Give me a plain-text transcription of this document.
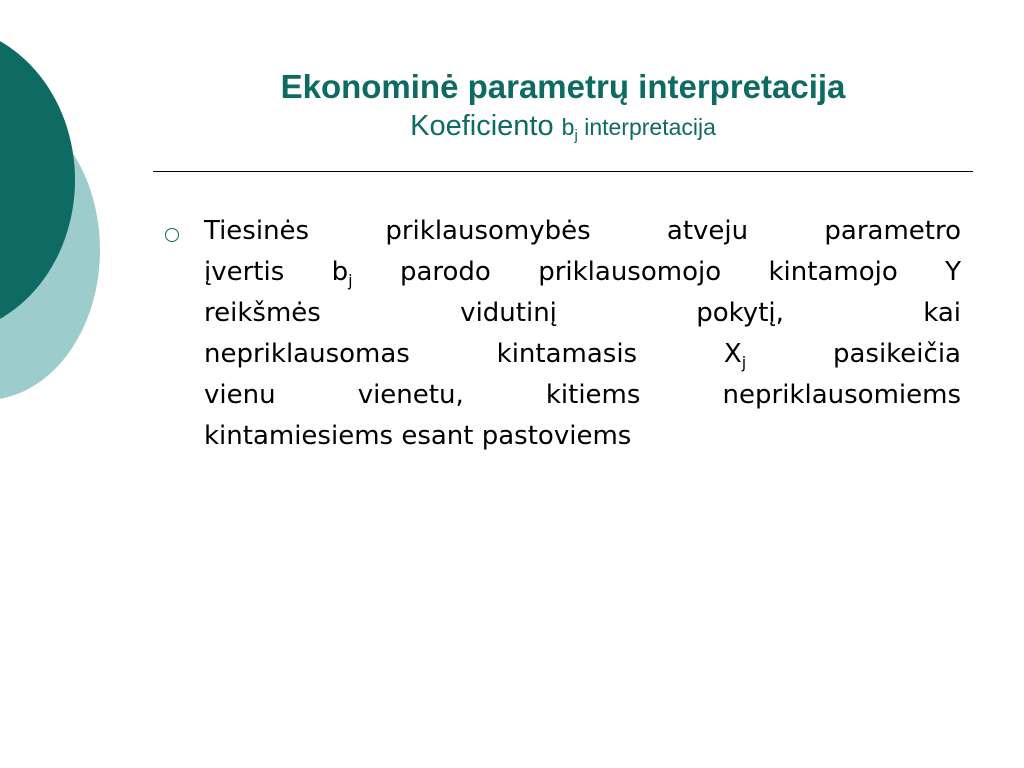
Ekonominė parametrų interpretacija
Koeficiento $b_j$ interpretacija
Tiesinės priklausomybės atveju parametro
įvertis $b_j$ parodo priklausomojo kintamojo Y
reikšmės vidutinį pokytį, kai
nepriklausomas kintamasis $X_j$ pasikeičia
vienu vienetu, kitiems nepriklausomiems
kintamiesiems esant pastoviems
